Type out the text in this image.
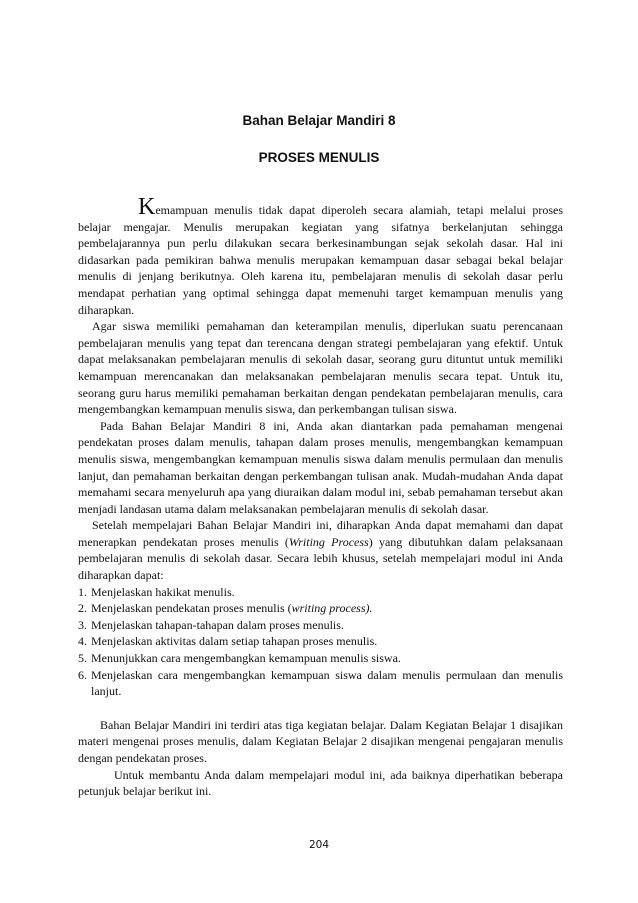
Bahan Belajar Mandiri 8
PROSES MENULIS

Kemampuan menulis tidak dapat diperoleh secara alamiah, tetapi melalui proses belajar mengajar. Menulis merupakan kegiatan yang sifatnya berkelanjutan sehingga pembelajarannya pun perlu dilakukan secara berkesinambungan sejak sekolah dasar. Hal ini didasarkan pada pemikiran bahwa menulis merupakan kemampuan dasar sebagai bekal belajar menulis di jenjang berikutnya. Oleh karena itu, pembelajaran menulis di sekolah dasar perlu mendapat perhatian yang optimal sehingga dapat memenuhi target kemampuan menulis yang diharapkan.

Agar siswa memiliki pemahaman dan keterampilan menulis, diperlukan suatu perencanaan pembelajaran menulis yang tepat dan terencana dengan strategi pembelajaran yang efektif. Untuk dapat melaksanakan pembelajaran menulis di sekolah dasar, seorang guru dituntut untuk memiliki kemampuan merencanakan dan melaksanakan pembelajaran menulis secara tepat. Untuk itu, seorang guru harus memiliki pemahaman berkaitan dengan pendekatan pembelajaran menulis, cara mengembangkan kemampuan menulis siswa, dan perkembangan tulisan siswa.

Pada Bahan Belajar Mandiri 8 ini, Anda akan diantarkan pada pemahaman mengenai pendekatan proses dalam menulis, tahapan dalam proses menulis, mengembangkan kemampuan menulis siswa, mengembangkan kemampuan menulis siswa dalam menulis permulaan dan menulis lanjut, dan pemahaman berkaitan dengan perkembangan tulisan anak. Mudah-mudahan Anda dapat memahami secara menyeluruh apa yang diuraikan dalam modul ini, sebab pemahaman tersebut akan menjadi landasan utama dalam melaksanakan pembelajaran menulis di sekolah dasar.

Setelah mempelajari Bahan Belajar Mandiri ini, diharapkan Anda dapat memahami dan dapat menerapkan pendekatan proses menulis (Writing Process) yang dibutuhkan dalam pelaksanaan pembelajaran menulis di sekolah dasar. Secara lebih khusus, setelah mempelajari modul ini Anda diharapkan dapat:

1. Menjelaskan hakikat menulis.
2. Menjelaskan pendekatan proses menulis (writing process).
3. Menjelaskan tahapan-tahapan dalam proses menulis.
4. Menjelaskan aktivitas dalam setiap tahapan proses menulis.
5. Menunjukkan cara mengembangkan kemampuan menulis siswa.
6. Menjelaskan cara mengembangkan kemampuan siswa dalam menulis permulaan dan menulis lanjut.

Bahan Belajar Mandiri ini terdiri atas tiga kegiatan belajar. Dalam Kegiatan Belajar 1 disajikan materi mengenai proses menulis, dalam Kegiatan Belajar 2 disajikan mengenai pengajaran menulis dengan pendekatan proses.

Untuk membantu Anda dalam mempelajari modul ini, ada baiknya diperhatikan beberapa petunjuk belajar berikut ini.

204
